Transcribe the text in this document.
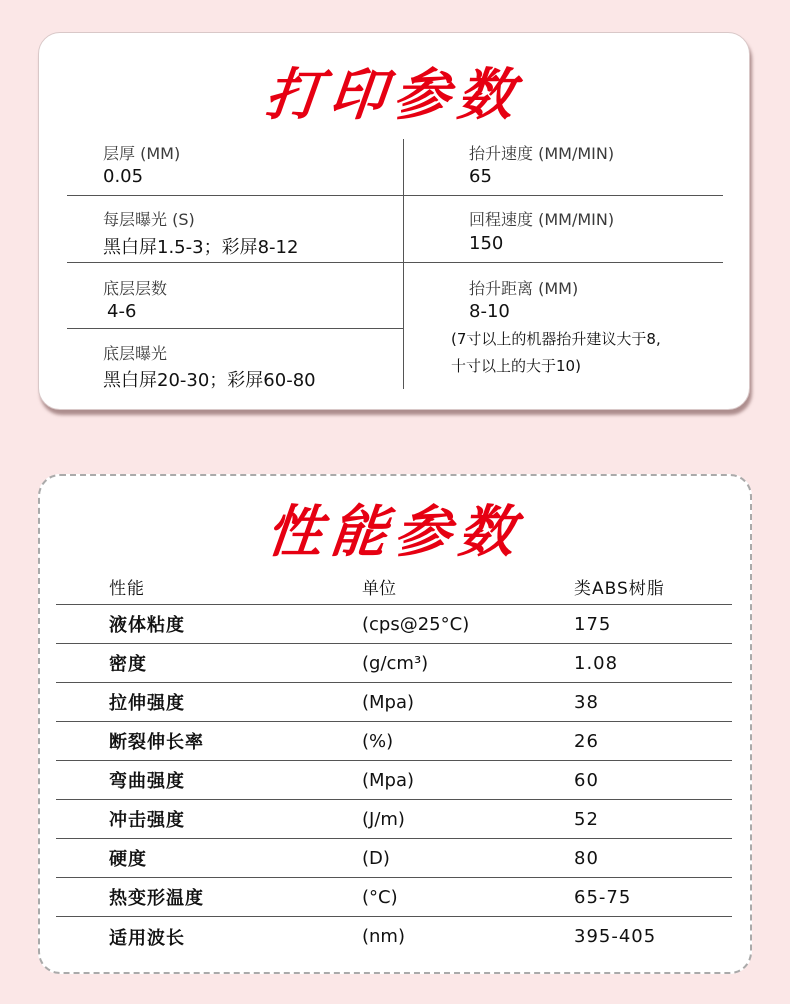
打印参数
层厚 (MM)
0.05
每层曝光 (S)
黑白屏1.5-3；彩屏8-12
底层层数
4-6
底层曝光
黑白屏20-30；彩屏60-80
抬升速度 (MM/MIN)
65
回程速度 (MM/MIN)
150
抬升距离 (MM)
8-10
(7寸以上的机器抬升建议大于8,
十寸以上的大于10)
性能参数
性能	单位	类ABS树脂
液体粘度	(cps@25°C)	175
密度	(g/cm³)	1.08
拉伸强度	(Mpa)	38
断裂伸长率	(%)	26
弯曲强度	(Mpa)	60
冲击强度	(J/m)	52
硬度	(D)	80
热变形温度	(°C)	65-75
适用波长	(nm)	395-405
